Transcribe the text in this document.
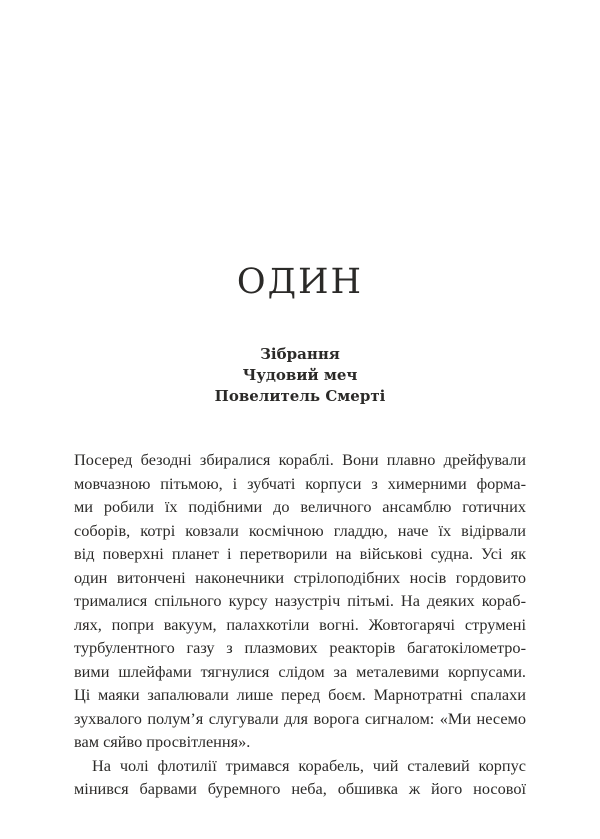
ОДИН
Зібрання
Чудовий меч
Повелитель Смерті
Посеред безодні збиралися кораблі. Вони плавно дрейфували
мовчазною пітьмою, і зубчаті корпуси з химерними форма-
ми робили їх подібними до величного ансамблю готичних
соборів, котрі ковзали космічною гладдю, наче їх відірвали
від поверхні планет і перетворили на військові судна. Усі як
один витончені наконечники стрілоподібних носів гордовито
трималися спільного курсу назустріч пітьмі. На деяких кораб-
лях, попри вакуум, палахкотіли вогні. Жовтогарячі струмені
турбулентного газу з плазмових реакторів багатокілометро-
вими шлейфами тягнулися слідом за металевими корпусами.
Ці маяки запалювали лише перед боєм. Марнотратні спалахи
зухвалого полум’я слугували для ворога сигналом: «Ми несемо
вам сяйво просвітлення».
На чолі флотилії тримався корабель, чий сталевий корпус
мінився барвами буремного неба, обшивка ж його носової
